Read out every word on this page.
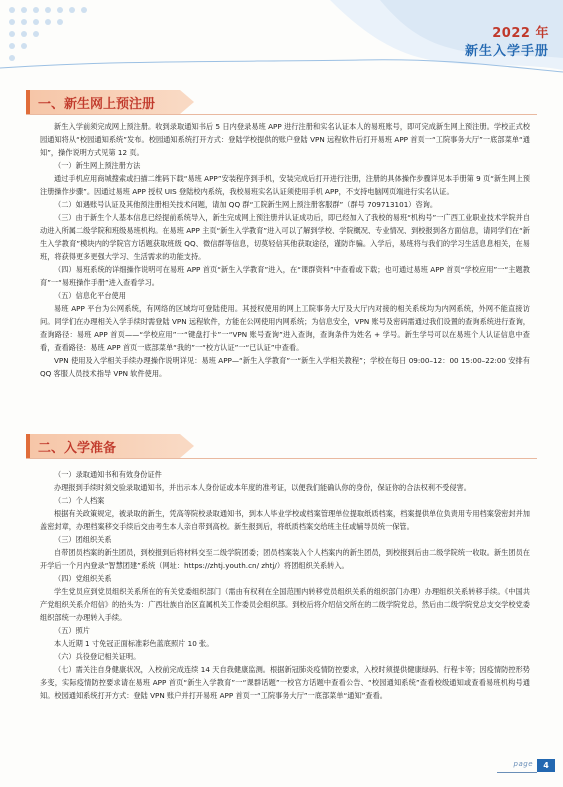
2022 年
新生入学手册
一、新生网上预注册

新生入学前须完成网上预注册。收到录取通知书后 5 日内登录易班 APP 进行注册和实名认证本人的易班账号，即可完成新生网上预注册。学校正式校园通知将从“校园通知系统”发布。校园通知系统打开方式：登陆学校提供的账户登陆 VPN 远程软件后打开易班 APP 首页一“工院事务大厅”一底部菜单“通知”，操作说明方式见第 12 页。

（一）新生网上预注册方法

通过手机应用商城搜索或扫描二维码下载“易班 APP”安装程序到手机，安装完成后打开进行注册，注册的具体操作步骤详见本手册第 9 页“新生网上预注册操作步骤”。因通过易班 APP 授权 UIS 登陆校内系统，我校易班实名认证须使用手机 APP，不支持电脑网页端进行实名认证。

（二）如遇账号认证及其他预注册相关技术问题，请加 QQ 群“工院新生网上预注册客服群”（群号 709713101）咨询。

（三）由于新生个人基本信息已经提前系统导入，新生完成网上预注册并认证成功后，即已经加入了我校的易班“机构号”一广西工业职业技术学院并自动进入所属二级学院和班级易班机构。在易班 APP 主页“新生入学教育”进入可以了解到学校、学院概况、专业情况、到校报到各方面信息，请同学们在“新生入学教育”模块内的学院官方话题获取班级 QQ、微信群等信息，切莫轻信其他获取途径，谨防诈骗。入学后，易班将与我们的学习生活息息相关，在易班，将获得更多更强大学习、生活需求的功能支持。

（四）易班系统的详细操作说明可在易班 APP 首页“新生入学教育”进入，在“课群资料”中查看或下载；也可通过易班 APP 首页“学校应用”一“主题教育”一“易班操作手册”进入查看学习。

（五）信息化平台使用

易班 APP 平台为公网系统，有网络的区域均可登陆使用。其授权使用的网上工院事务大厅及大厅内对接的相关系统均为内网系统，外网不能直接访问。同学们在办理相关入学手续时需登陆 VPN 远程软件，方能在公网使用内网系统；为信息安全，VPN 账号及密码需通过我们设置的查询系统进行查询，查询路径：易班 APP 首页——“学校应用”一“键盘打卡”一“VPN 账号查询”进入查询，查询条件为姓名 + 学号。新生学号可以在易班个人认证信息中查看，查看路径：易班 APP 首页一底部菜单“我的”一“校方认证”一“已认证”中查看。

VPN 使用及入学相关手续办理操作说明详见：易班 APP—“新生入学教育”一“新生入学相关教程”；学校在每日 09:00–12：00 15:00–22:00 安排有 QQ 客服人员技术指导 VPN 软件使用。

二、入学准备

（一）录取通知书和有效身份证件

办理报到手续时须交验录取通知书，并出示本人身份证或本年度的准考证，以便我们能确认你的身份，保证你的合法权利不受侵害。

（二）个人档案

根据有关政策规定，被录取的新生，凭高等院校录取通知书，到本人毕业学校或档案管理单位提取纸质档案，档案提供单位负责用专用档案袋密封并加盖密封章，办理档案移交手续后交由考生本人亲自带到高校。新生报到后，将纸质档案交给班主任或辅导员统一保管。

（三）团组织关系

自带团员档案的新生团员，到校报到后将材料交至二级学院团委；团员档案装入个人档案内的新生团员，到校报到后由二级学院统一收取。新生团员在开学后一个月内登录“智慧团建”系统（网址：https://zhtj.youth.cn/ zhtj/）将团组织关系转入。

（四）党组织关系

学生党员应到党员组织关系所在的有关党委组织部门（需由有权利在全国范围内转移党员组织关系的组织部门办理）办理组织关系转移手续。《中国共产党组织关系介绍信》的抬头为：广西壮族自治区直属机关工作委员会组织部。到校后将介绍信交所在的二级学院党总，然后由二级学院党总支交学校党委组织部统一办理转入手续。

（五）照片

本人近期 1 寸免冠正面标准彩色蓝底照片 10 张。

（六）兵役登记相关证明。

（七）需关注自身健康状况，入校前完成连续 14 天自我健康监测。根据新冠肺炎疫情防控要求，入校时须提供健康绿码、行程卡等；因疫情防控形势多变，实际疫情防控要求请在易班 APP 首页“新生入学教育”一“课群话题”一校官方话题中查看公告、“校园通知系统”查看校级通知或查看易班机构号通知。校园通知系统打开方式：登陆 VPN 账户并打开易班 APP 首页一“工院事务大厅”一底部菜单“通知”查看。

page	4
